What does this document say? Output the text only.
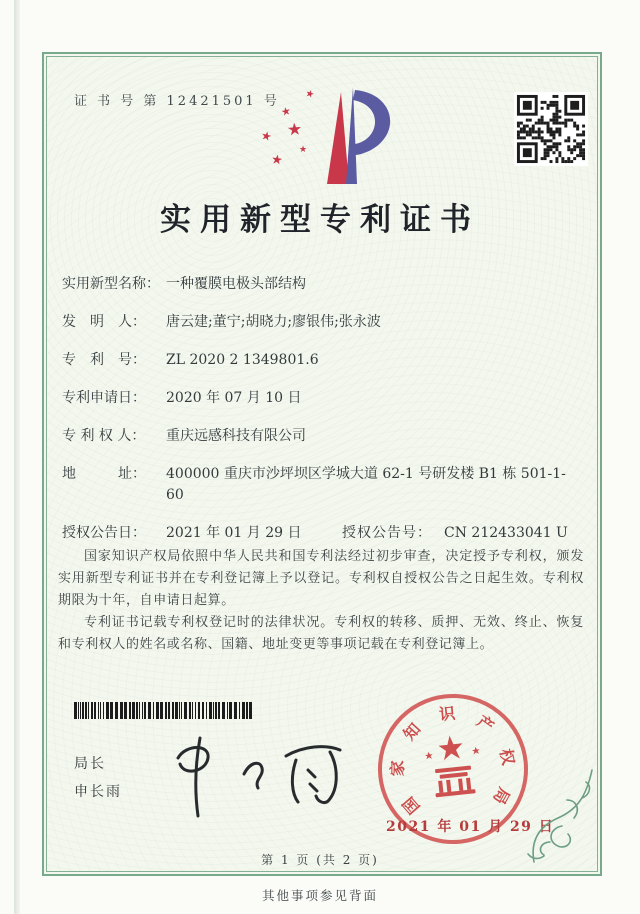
证 书 号 第 12421501 号 ★
★
★ ★
★
★
实用新型专利证书
实用新型名称： 一种覆膜电极头部结构
发　明　人：	唐云建;董宁;胡晓力;廖银伟;张永波
专　利　号：	ZL 2020 2 1349801.6
专利申请日：	2020 年 07 月 10 日
专 利 权 人：	重庆远感科技有限公司
地　　　址：	400000 重庆市沙坪坝区学城大道 62-1 号研发楼 B1 栋 501-1-60
授权公告日：	2021 年 01 月 29 日	授权公告号： CN 212433041 U

国家知识产权局依照中华人民共和国专利法经过初步审查，决定授予专利权，颁发实用新型专利证书并在专利登记簿上予以登记。专利权自授权公告之日起生效。专利权期限为十年，自申请日起算。

专利证书记载专利权登记时的法律状况。专利权的转移、质押、无效、终止、恢复和专利权人的姓名或名称、国籍、地址变更等事项记载在专利登记簿上。

局长
申长雨
国
家
知
识 产
权
局
2021 年 01 月 29 日
第 1 页 (共 2 页)
其他事项参见背面
